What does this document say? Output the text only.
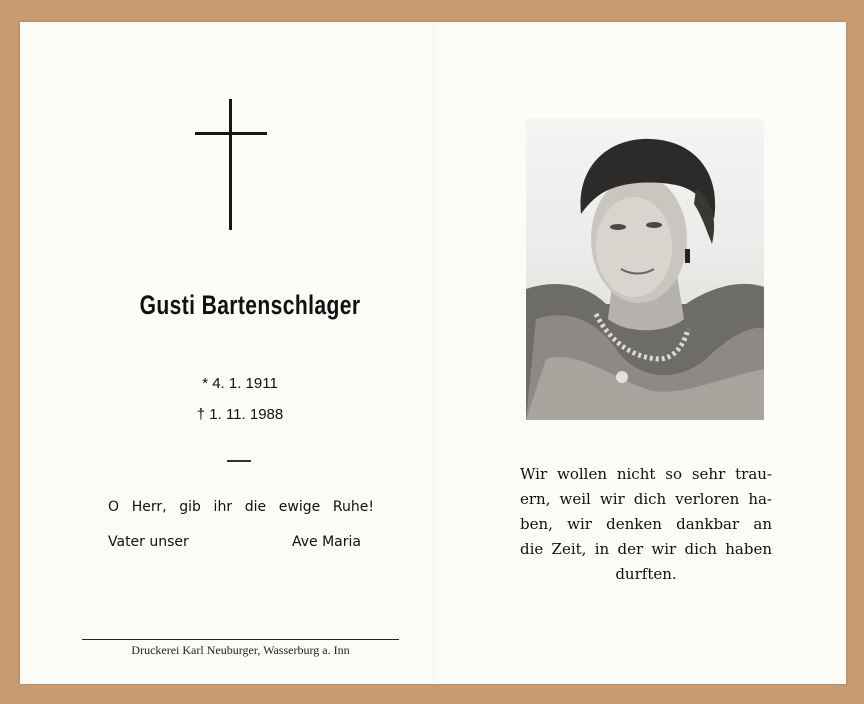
Gusti Bartenschlager
* 4. 1. 1911
† 1. 11. 1988
O Herr, gib ihr die ewige Ruhe!
Vater unser	Ave Maria
Druckerei Karl Neuburger, Wasserburg a. Inn
Wir wollen nicht so sehr trau-
ern, weil wir dich verloren ha-
ben, wir denken dankbar an
die Zeit, in der wir dich haben
durften.
